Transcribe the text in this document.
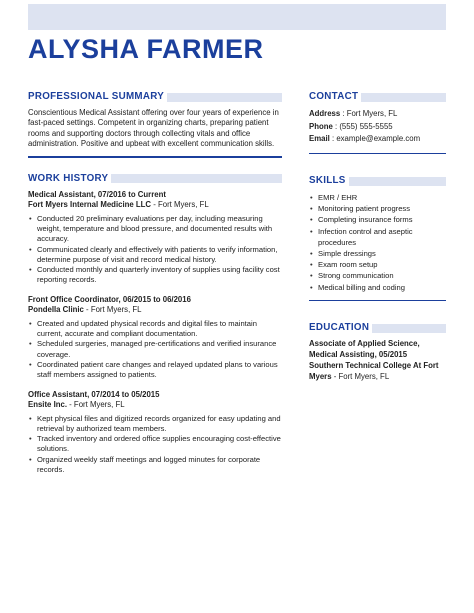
ALYSHA FARMER
PROFESSIONAL SUMMARY

Conscientious Medical Assistant offering over four years of experience in fast-paced settings. Competent in organizing charts, preparing patient rooms and supporting doctors through collecting vitals and office administration. Positive and upbeat with excellent communication skills.

WORK HISTORY
Medical Assistant, 07/2016 to Current
Fort Myers Internal Medicine LLC - Fort Myers, FL
• Conducted 20 preliminary evaluations per day, including measuring weight, temperature and blood pressure, and documented results with accuracy.
• Communicated clearly and effectively with patients to verify information, determine purpose of visit and record medical history.
• Conducted monthly and quarterly inventory of supplies using facility cost reporting records.
Front Office Coordinator, 06/2015 to 06/2016
Pondella Clinic - Fort Myers, FL
• Created and updated physical records and digital files to maintain current, accurate and compliant documentation.
• Scheduled surgeries, managed pre-certifications and verified insurance coverage.
• Coordinated patient care changes and relayed updated plans to various staff members assigned to patients.
Office Assistant, 07/2014 to 05/2015
Ensite Inc. - Fort Myers, FL
• Kept physical files and digitized records organized for easy updating and retrieval by authorized team members.
• Tracked inventory and ordered office supplies encouraging cost-effective solutions.
• Organized weekly staff meetings and logged minutes for corporate records.
CONTACT
Address : Fort Myers, FL
Phone : (555) 555-5555
Email : example@example.com
SKILLS
• EMR / EHR
• Monitoring patient progress
• Completing insurance forms
• Infection control and aseptic procedures
• Simple dressings
• Exam room setup
• Strong communication
• Medical billing and coding
EDUCATION
Associate of Applied Science, Medical Assisting, 05/2015
Southern Technical College At Fort Myers - Fort Myers, FL
